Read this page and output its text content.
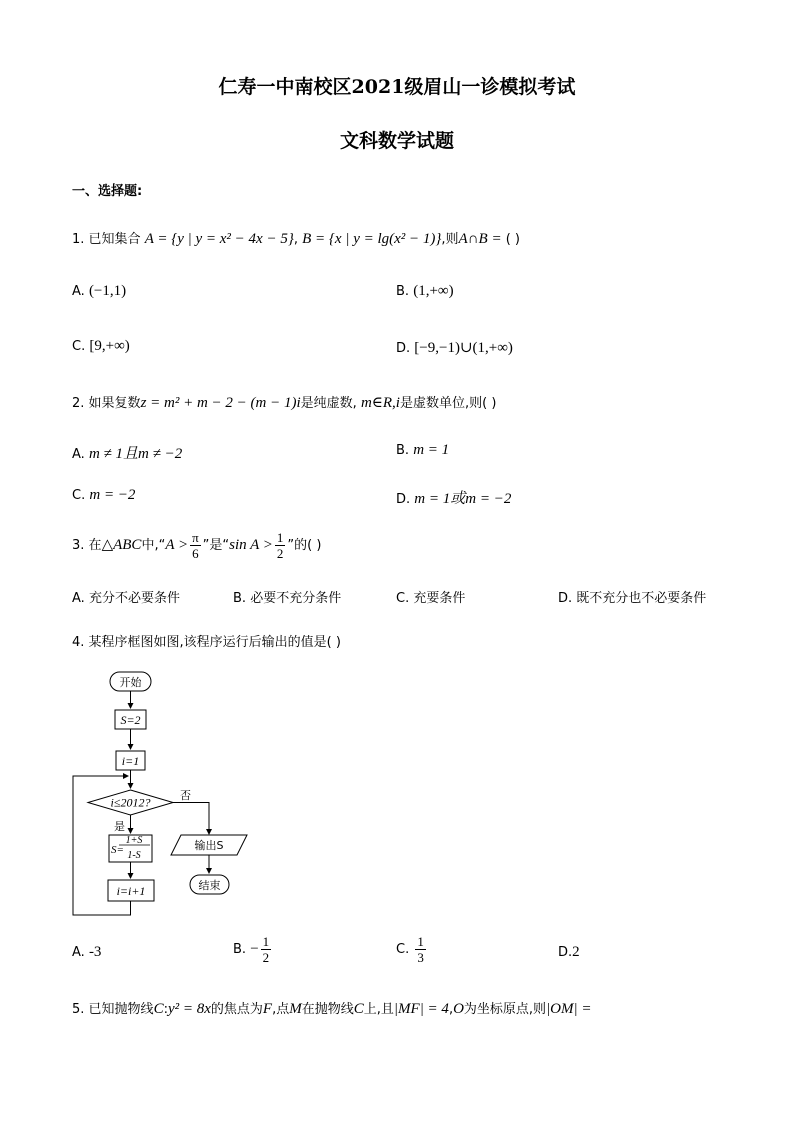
仁寿一中南校区2021级眉山一诊模拟考试
文科数学试题
一、选择题:
1. 已知集合 A = {y | y = x² − 4x − 5}, B = {x | y = lg(x² − 1)},则A∩B = ( )
A. (−1,1)	B. (1,+∞)
C. [9,+∞)	D. [−9,−1)∪(1,+∞)
2. 如果复数z = m² + m − 2 − (m − 1)i是纯虚数, m∈R,i是虚数单位,则( )
A. m ≠ 1且m ≠ −2	B. m = 1
C. m = −2	D. m = 1或m = −2
3. 在△ABC中,“A > $\frac{\pi}{6}$ ”是“sin $A > \frac{1}{2}$ ”的( )
A. 充分不必要条件	B. 必要不充分条件	C. 充要条件	D. 既不充分也不必要条件
4. 某程序框图如图,该程序运行后输出的值是( )
开始
S=2
i=1
i≤2012?	否
是
S=
1+S
1-S
输出S
结束
i=i+1
A. -3	B. − $\frac{1}{2}$	C. $\frac{1}{3}$	D.2
5. 已知抛物线C:y² = 8x的焦点为F,点M在抛物线C上,且|MF| = 4,O为坐标原点,则|OM| =
